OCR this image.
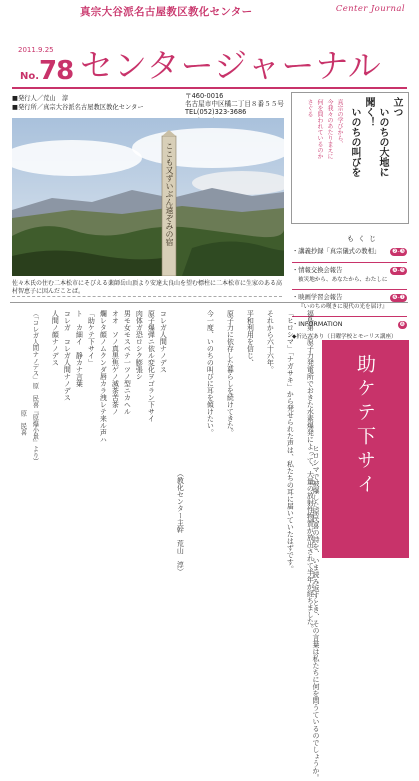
真宗大谷派名古屋教区教化センター	Center Journal
2011.9.25
No.78 センタージャーナル
■発行人／荒山　淳
■発行所／真宗大谷派名古屋教区教化センター
〒460-0016
名古屋市中区橘二丁目８番５５号
TEL(052)323-3686
ここも又ずいぶん遠ぞみの宿
佐々木氏の住む二本松市にそびえる薬師岳山頂より安達太良山を望む標柱に二本松市に生家のある高村智恵子に因んだことば。
立つ
いのちの大地に
聞く！
いのちの叫びを
真宗の学びから、
今我々のあたりまえに
何を問われているのか
さぐる
もくじ
・講義抄録「真宗儀式の教相」	❷-❸
・情報交換会報告	❹-❺
被災地から、あなたから、わたしに
・映画学習会報告	❻-❼
『いのちの嘆きに現代の光を届け』
・INFORMATION	❽
◆折込みあり（日曜学校とモーリス講座）
助ケテ下サイ
福島第一原子力発電所でおきた水素爆発によって、大量の放射性物質が放出されて半年が経ちました。
「ヒロシマ」「ナガサキ」から発せられた声は、私たちの耳に届いていたはずです。
それから六十六年。
平和利用を信じ、
原子力に依存した暮らしを続けてきた。
今一度、いのちの叫びに耳を傾けたい。
ヒロシマで被爆した原民喜の詩を、いま読み返すとき、その言葉は私たちに何を問うているのでしょうか。
（教化センター主幹　荒山　淳）
コレガ人間ナノデス
原子爆弾ニ依ル変化ヲゴラン下サイ
肉体ガ恐ロシク膨張シ
男モ女モスベテ一ツノ型ニカヘル
オオ　ソノ真黒焦ゲノ滅茶苦茶ノ
爛レタ顔ノムクンダ唇カラ洩レテ来ル声ハ
「助ケテ下サイ」
ト　カ細イ　静カナ言葉
コレガ　コレガ人間ナノデス
人間ノ顔ナノデス
（「コレガ人間ナノデス」原　民喜『原爆小景』より）
原　民喜
